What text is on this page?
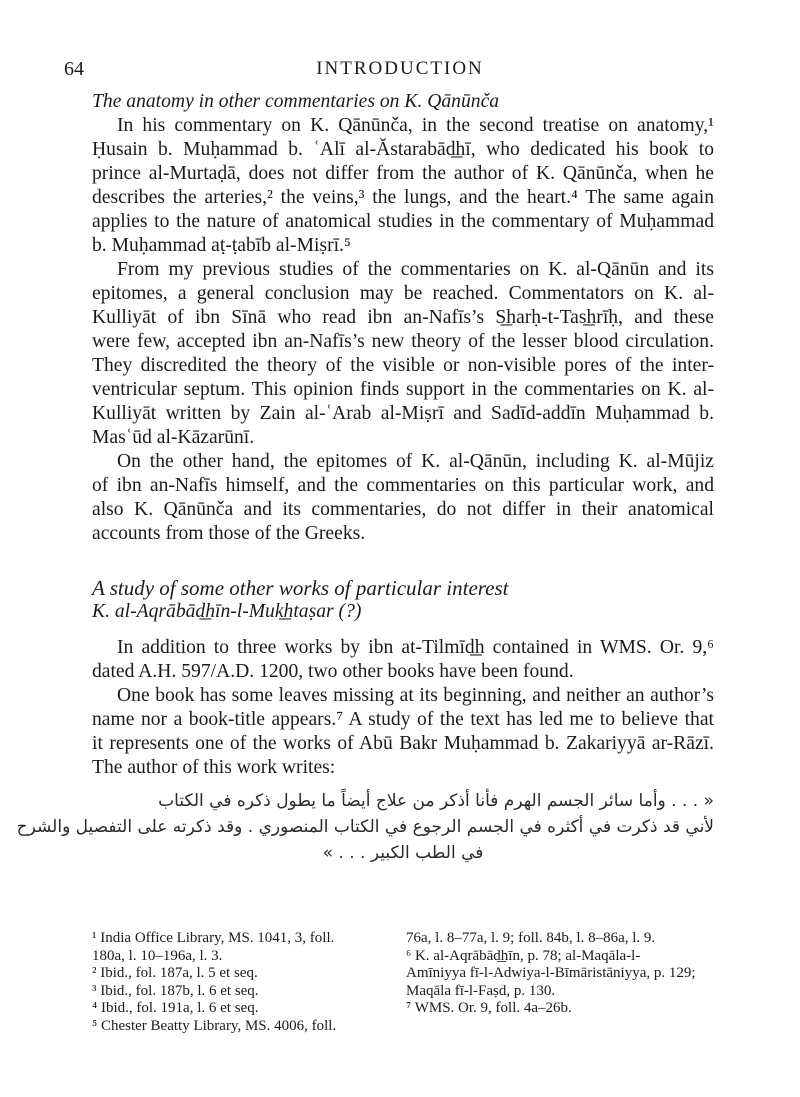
64	INTRODUCTION
The anatomy in other commentaries on K. Qānūnča
In his commentary on K. Qānūnča, in the second treatise on anatomy,¹
Ḥusain b. Muḥammad b. ʿAlī al-Ăstarabād͟hī, who dedicated his book to
prince al-Murtaḍā, does not differ from the author of K. Qānūnča, when he
describes the arteries,² the veins,³ the lungs, and the heart.⁴ The same again
applies to the nature of anatomical studies in the commentary of Muḥammad
b. Muḥammad aṭ-ṭabīb al-Miṣrī.⁵
From my previous studies of the commentaries on K. al-Qānūn and its
epitomes, a general conclusion may be reached. Commentators on K. al-
Kulliyāt of ibn Sīnā who read ibn an-Nafīs’s S͟harḥ-t-Tas͟hrīḥ, and these
were few, accepted ibn an-Nafīs’s new theory of the lesser blood circulation.
They discredited the theory of the visible or non-visible pores of the inter-
ventricular septum. This opinion finds support in the commentaries on K. al-
Kulliyāt written by Zain al-ʿArab al-Miṣrī and Sadīd-addīn Muḥammad b.
Masʿūd al-Kāzarūnī.
On the other hand, the epitomes of K. al-Qānūn, including K. al-Mūjiz
of ibn an-Nafīs himself, and the commentaries on this particular work, and
also K. Qānūnča and its commentaries, do not differ in their anatomical
accounts from those of the Greeks.
A study of some other works of particular interest
K. al-Aqrābād͟hīn-l-Muk͟htaṣar (?)
In addition to three works by ibn at-Tilmīd͟h contained in WMS. Or. 9,⁶
dated A.H. 597/A.D. 1200, two other books have been found.
One book has some leaves missing at its beginning, and neither an author’s
name nor a book-title appears.⁷ A study of the text has led me to believe that
it represents one of the works of Abū Bakr Muḥammad b. Zakariyyā ar-Rāzī.
The author of this work writes:
« . . . وأما سائر الجسم الهرم فأنا أذكر من علاج أيضاً ما يطول ذكره في الكتاب
لأني قد ذكرت في أكثره في الجسم الرجوع في الكتاب المنصوري . وقد ذكرته على التفصيل والشرح
في الطب الكبير . . . »
¹ India Office Library, MS. 1041, 3, foll.
180a, l. 10–196a, l. 3.
² Ibid., fol. 187a, l. 5 et seq.
³ Ibid., fol. 187b, l. 6 et seq.
⁴ Ibid., fol. 191a, l. 6 et seq.
⁵ Chester Beatty Library, MS. 4006, foll.
76a, l. 8–77a, l. 9; foll. 84b, l. 8–86a, l. 9.
⁶ K. al-Aqrābād͟hīn, p. 78; al-Maqāla-l-
Amīniyya fī-l-Adwiya-l-Bīmāristāniyya, p. 129;
Maqāla fī-l-Faṣd, p. 130.
⁷ WMS. Or. 9, foll. 4a–26b.
